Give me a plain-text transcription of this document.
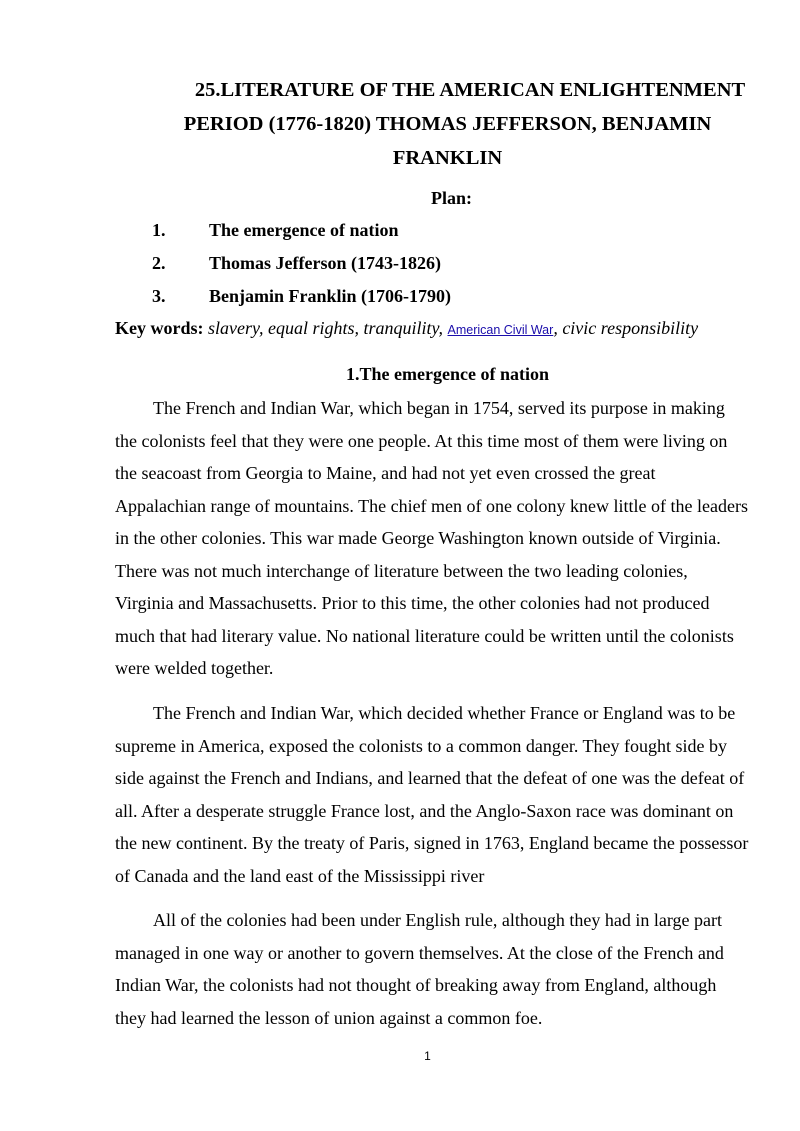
25.LITERATURE OF THE AMERICAN ENLIGHTENMENT
PERIOD (1776-1820) THOMAS JEFFERSON, BENJAMIN
FRANKLIN
Plan:
1. The emergence of nation
2. Thomas Jefferson (1743-1826)
3. Benjamin Franklin (1706-1790)
Key words: slavery, equal rights, tranquility, American Civil War, civic responsibility
1.The emergence of nation

The French and Indian War, which began in 1754, served its purpose in making the colonists feel that they were one people. At this time most of them were living on the seacoast from Georgia to Maine, and had not yet even crossed the great Appalachian range of mountains. The chief men of one colony knew little of the leaders in the other colonies. This war made George Washington known outside of Virginia. There was not much interchange of literature between the two leading colonies, Virginia and Massachusetts. Prior to this time, the other colonies had not produced much that had literary value. No national literature could be written until the colonists were welded together.

The French and Indian War, which decided whether France or England was to be supreme in America, exposed the colonists to a common danger. They fought side by side against the French and Indians, and learned that the defeat of one was the defeat of all. After a desperate struggle France lost, and the Anglo-Saxon race was dominant on the new continent. By the treaty of Paris, signed in 1763, England became the possessor of Canada and the land east of the Mississippi river

All of the colonies had been under English rule, although they had in large part managed in one way or another to govern themselves. At the close of the French and Indian War, the colonists had not thought of breaking away from England, although they had learned the lesson of union against a common foe.

1
